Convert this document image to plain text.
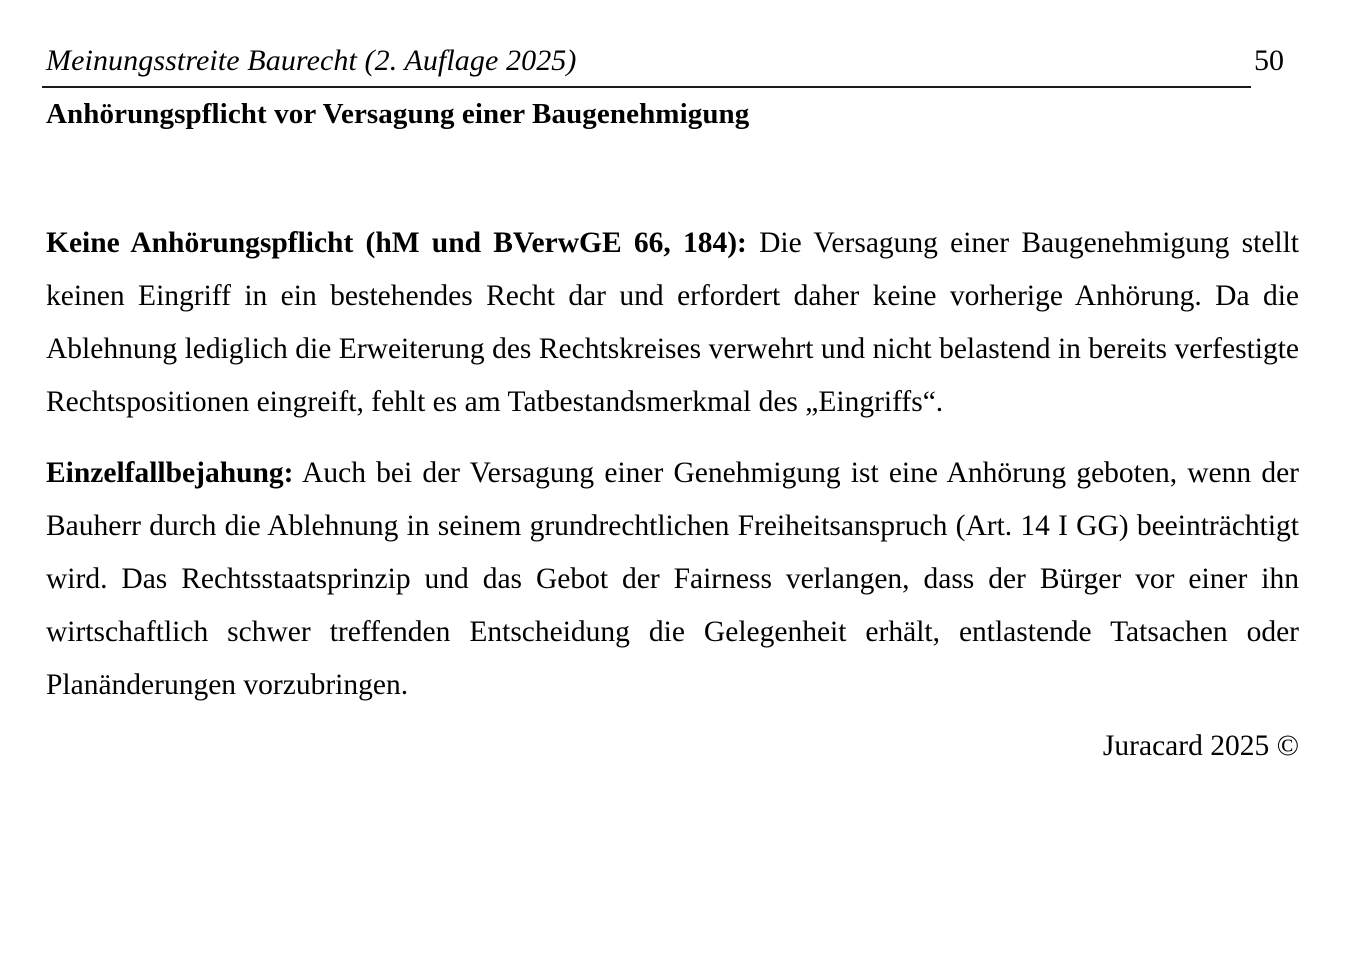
Meinungsstreite Baurecht (2. Auflage 2025)	50
Anhörungspflicht vor Versagung einer Baugenehmigung

Keine Anhörungspflicht (hM und BVerwGE 66, 184): Die Versagung einer Baugenehmigung stellt keinen Eingriff in ein bestehendes Recht dar und erfordert daher keine vorherige Anhörung. Da die Ablehnung lediglich die Erweiterung des Rechtskreises verwehrt und nicht belastend in bereits verfestigte Rechtspositionen eingreift, fehlt es am Tatbestandsmerkmal des „Eingriffs“.

Einzelfallbejahung: Auch bei der Versagung einer Genehmigung ist eine Anhörung geboten, wenn der Bauherr durch die Ablehnung in seinem grundrechtlichen Freiheitsanspruch (Art. 14 I GG) beeinträchtigt wird. Das Rechtsstaatsprinzip und das Gebot der Fairness verlangen, dass der Bürger vor einer ihn wirtschaftlich schwer treffenden Entscheidung die Gelegenheit erhält, entlastende Tatsachen oder Planänderungen vorzubringen.

Juracard 2025 ©
